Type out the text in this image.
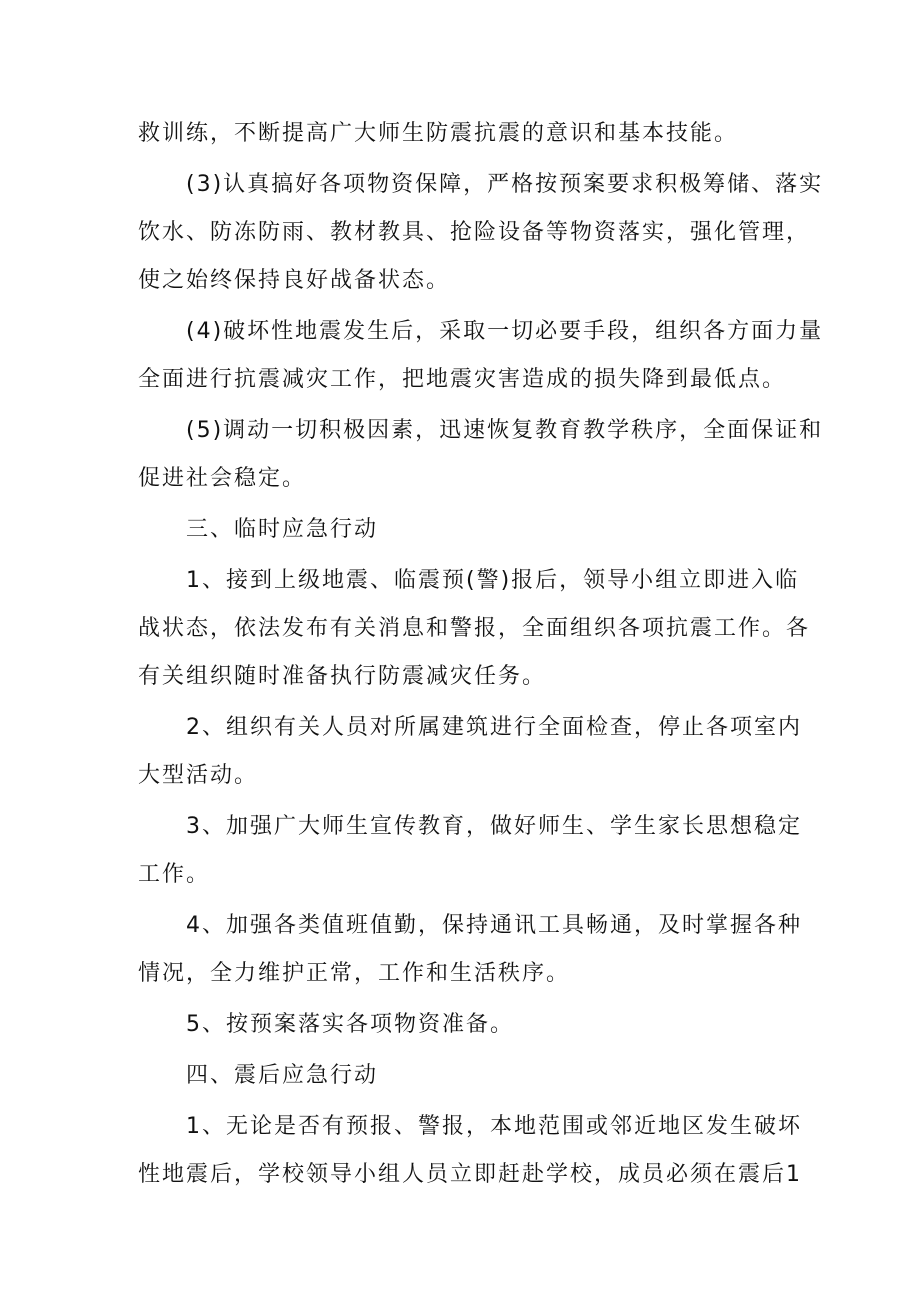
救训练，不断提高广大师生防震抗震的意识和基本技能。
(3)认真搞好各项物资保障，严格按预案要求积极筹储、落实
饮水、防冻防雨、教材教具、抢险设备等物资落实，强化管理，
使之始终保持良好战备状态。
(4)破坏性地震发生后，采取一切必要手段，组织各方面力量
全面进行抗震减灾工作，把地震灾害造成的损失降到最低点。
(5)调动一切积极因素，迅速恢复教育教学秩序，全面保证和
促进社会稳定。
三、临时应急行动
1、接到上级地震、临震预(警)报后，领导小组立即进入临
战状态，依法发布有关消息和警报，全面组织各项抗震工作。各
有关组织随时准备执行防震减灾任务。
2、组织有关人员对所属建筑进行全面检查，停止各项室内
大型活动。
3、加强广大师生宣传教育，做好师生、学生家长思想稳定
工作。
4、加强各类值班值勤，保持通讯工具畅通，及时掌握各种
情况，全力维护正常，工作和生活秩序。
5、按预案落实各项物资准备。
四、震后应急行动
1、无论是否有预报、警报，本地范围或邻近地区发生破坏
性地震后，学校领导小组人员立即赶赴学校，成员必须在震后1
